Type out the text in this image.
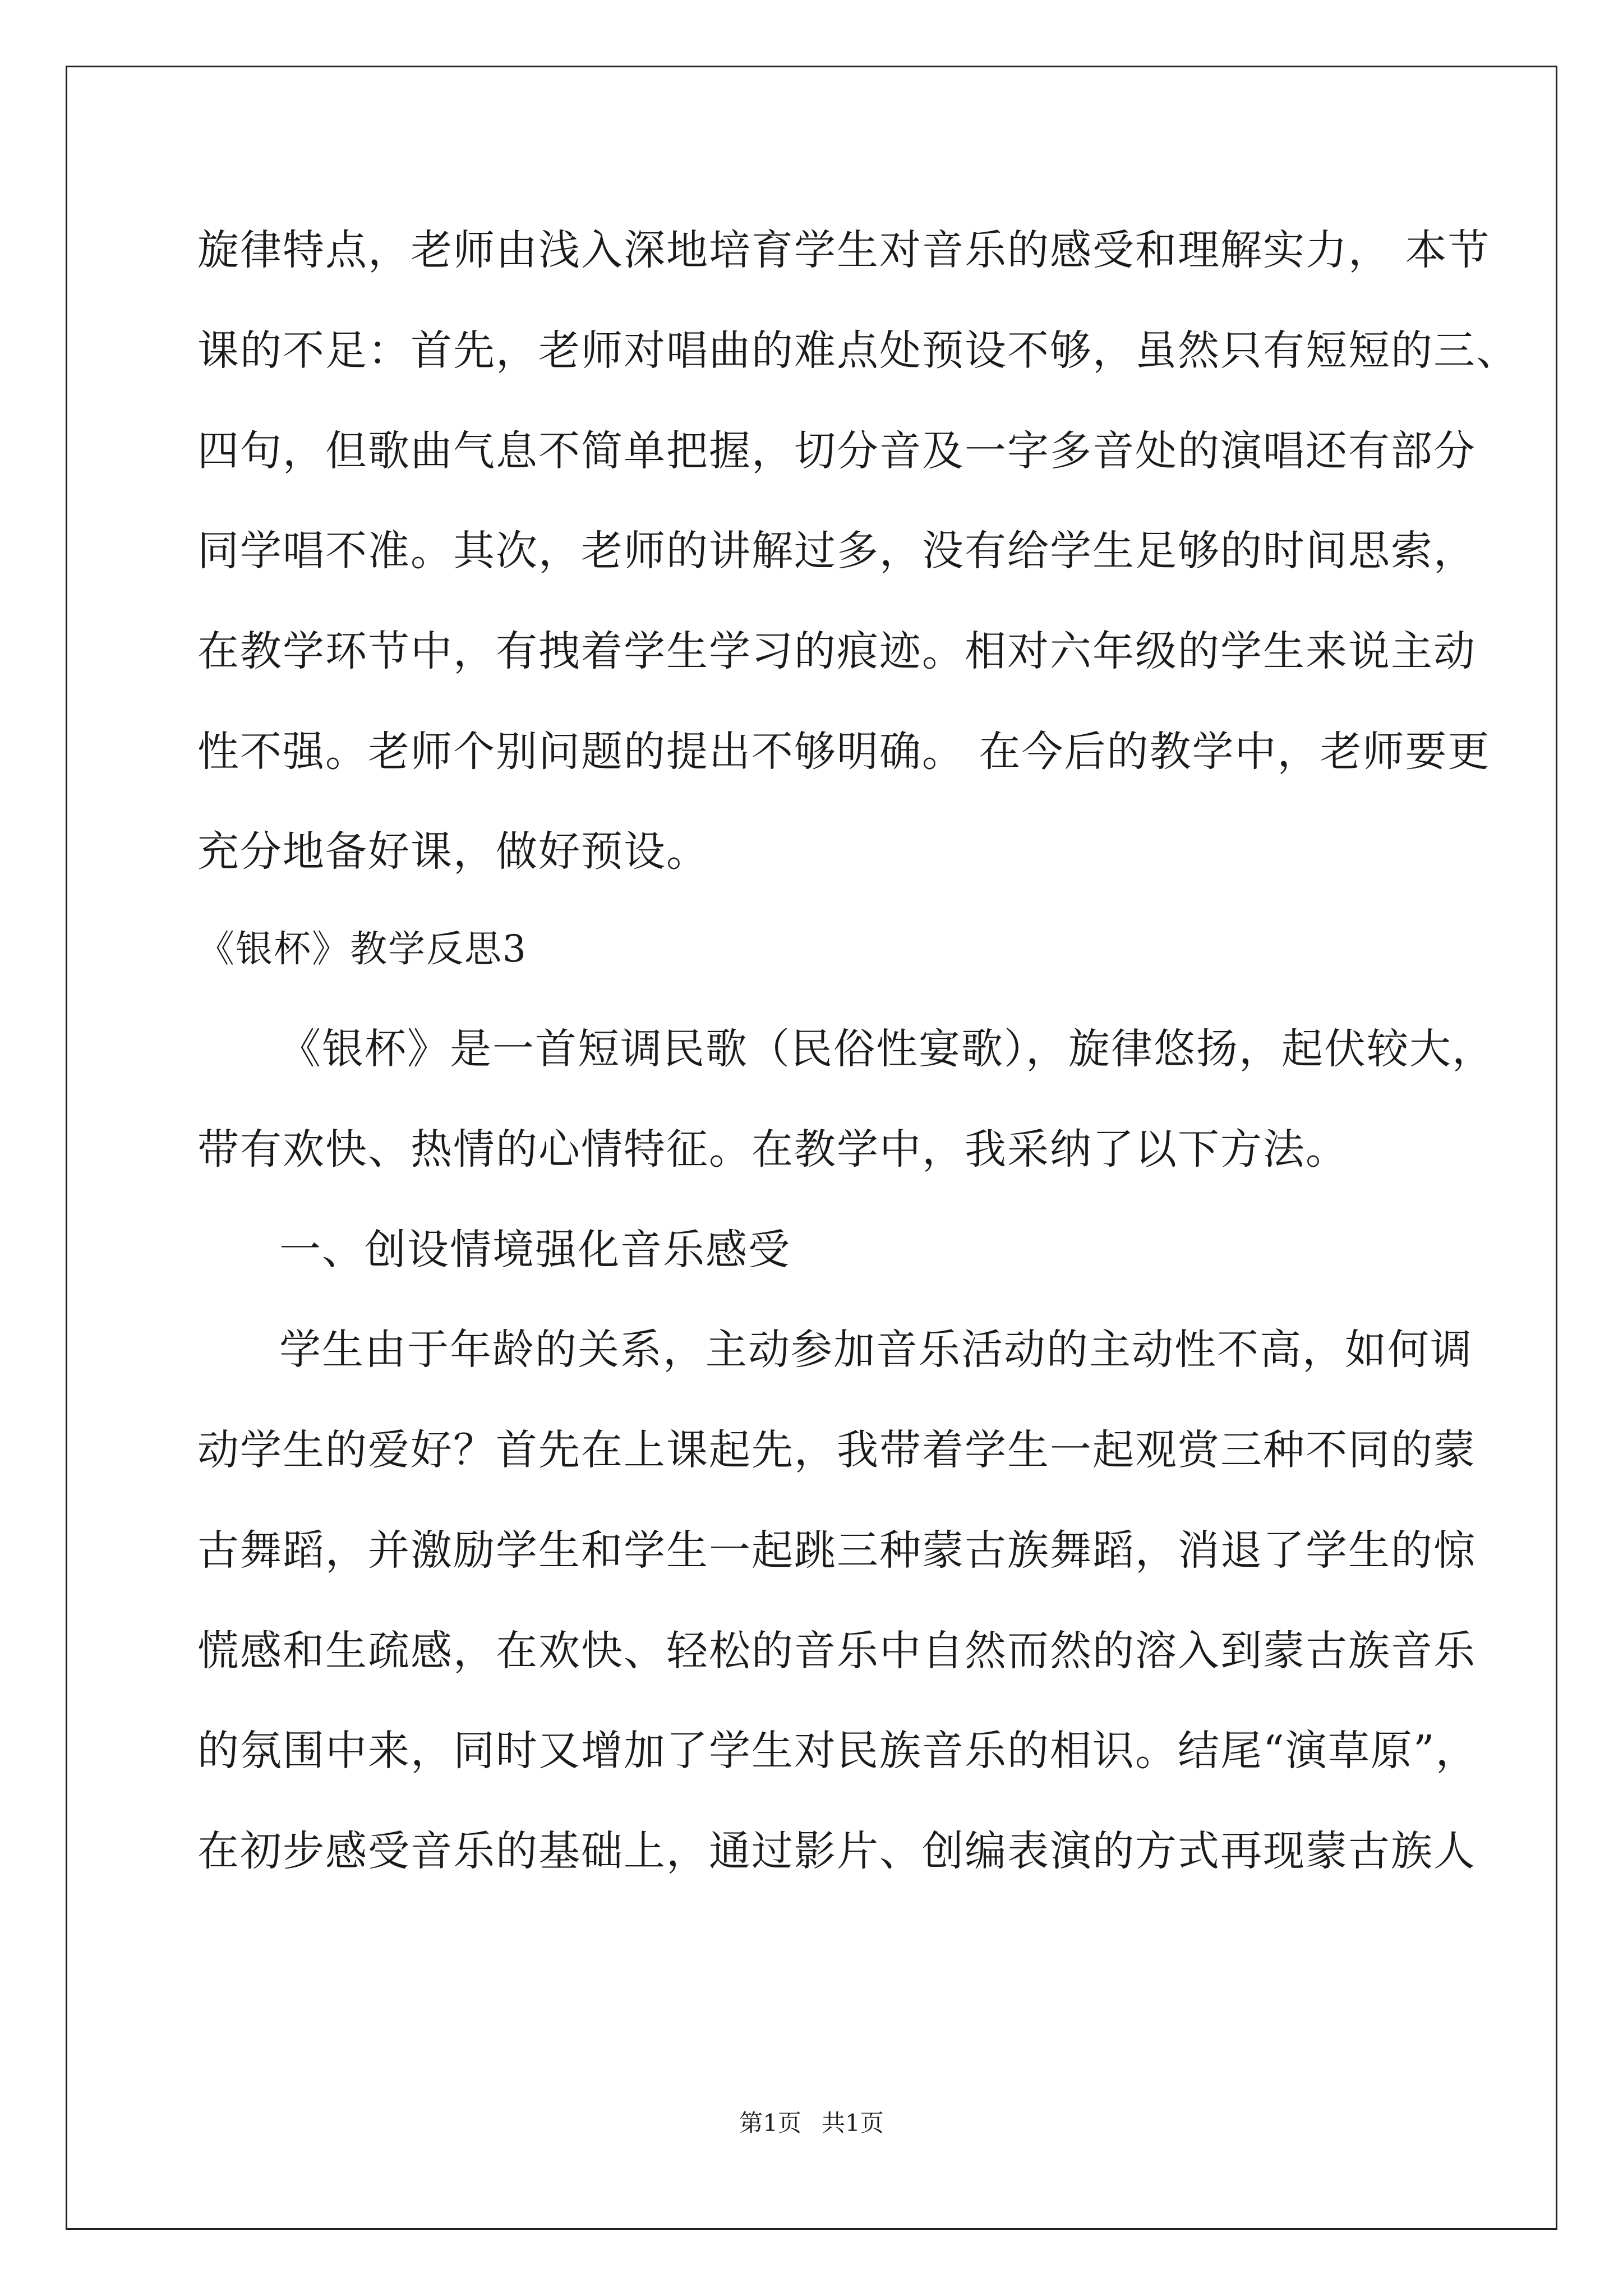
旋律特点，老师由浅入深地培育学生对音乐的感受和理解实力， 本节
课的不足：首先，老师对唱曲的难点处预设不够，虽然只有短短的三、
四句，但歌曲气息不简单把握，切分音及一字多音处的演唱还有部分
同学唱不准。其次，老师的讲解过多，没有给学生足够的时间思索，
在教学环节中，有拽着学生学习的痕迹。相对六年级的学生来说主动
性不强。老师个别问题的提出不够明确。 在今后的教学中，老师要更
充分地备好课，做好预设。
《银杯》教学反思3
《银杯》是一首短调民歌（民俗性宴歌），旋律悠扬，起伏较大，
带有欢快、热情的心情特征。在教学中，我采纳了以下方法。
一、创设情境强化音乐感受
学生由于年龄的关系，主动参加音乐活动的主动性不高，如何调
动学生的爱好？首先在上课起先，我带着学生一起观赏三种不同的蒙
古舞蹈，并激励学生和学生一起跳三种蒙古族舞蹈，消退了学生的惊
慌感和生疏感，在欢快、轻松的音乐中自然而然的溶入到蒙古族音乐
的氛围中来，同时又增加了学生对民族音乐的相识。结尾“演草原”，
在初步感受音乐的基础上，通过影片、创编表演的方式再现蒙古族人
第1页 共1页
